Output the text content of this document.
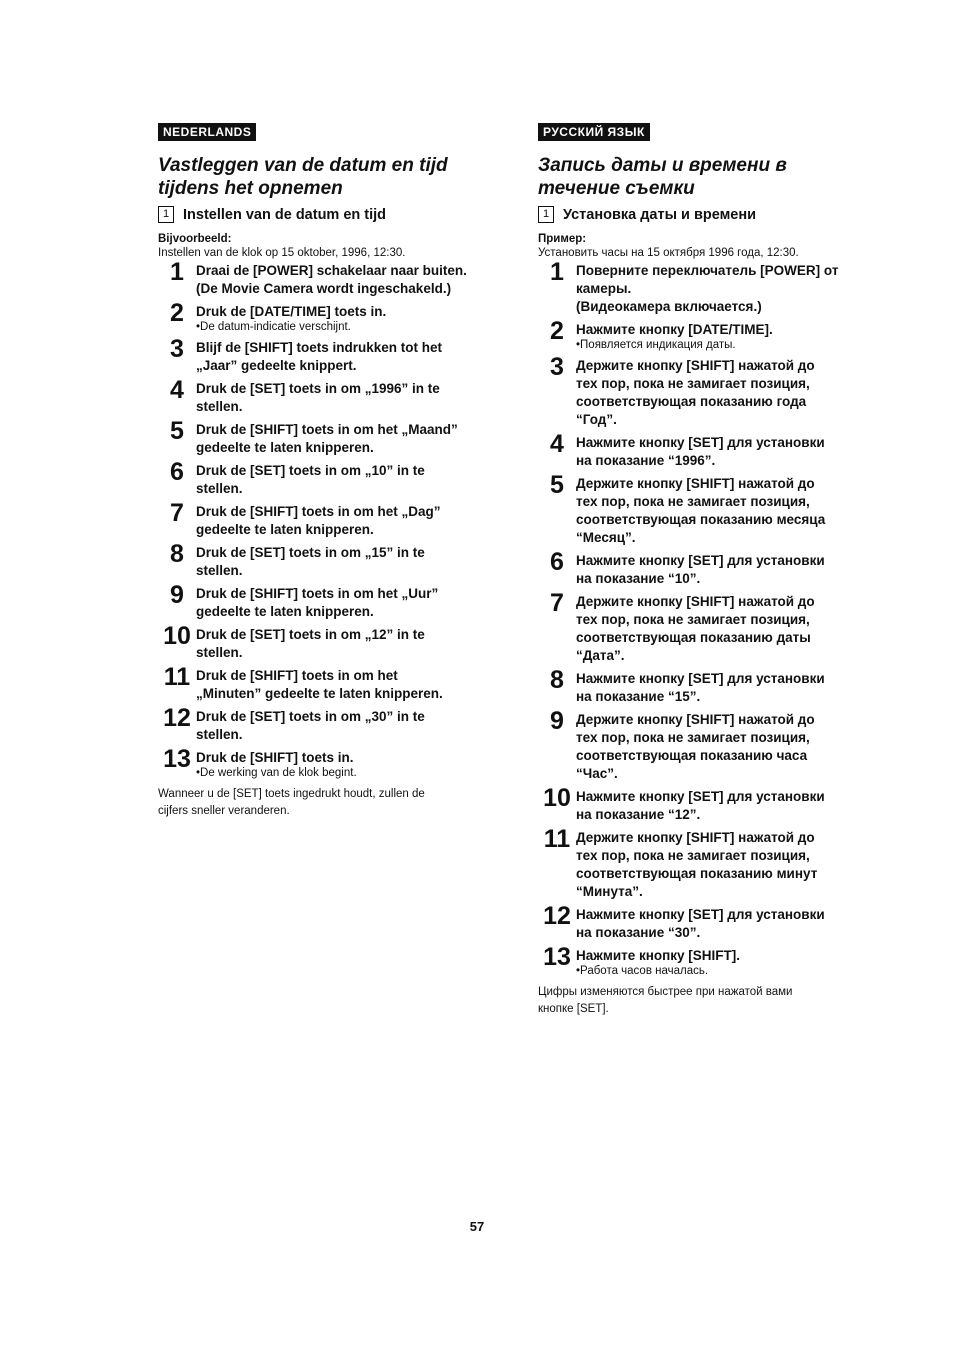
NEDERLANDS
Vastleggen van de datum en tijd tijdens het opnemen
1 Instellen van de datum en tijd
Bijvoorbeeld:
Instellen van de klok op 15 oktober, 1996, 12:30.
1 Draai de [POWER] schakelaar naar buiten.
(De Movie Camera wordt ingeschakeld.)
2 Druk de [DATE/TIME] toets in.
•De datum-indicatie verschijnt.
3 Blijf de [SHIFT] toets indrukken tot het
„Jaar” gedeelte knippert.
4 Druk de [SET] toets in om „1996” in te
stellen.
5 Druk de [SHIFT] toets in om het „Maand”
gedeelte te laten knipperen.
6 Druk de [SET] toets in om „10” in te
stellen.
7 Druk de [SHIFT] toets in om het „Dag”
gedeelte te laten knipperen.
8 Druk de [SET] toets in om „15” in te
stellen.
9 Druk de [SHIFT] toets in om het „Uur”
gedeelte te laten knipperen.
10 Druk de [SET] toets in om „12” in te
stellen.
11 Druk de [SHIFT] toets in om het
„Minuten” gedeelte te laten knipperen.
12 Druk de [SET] toets in om „30” in te
stellen.
13 Druk de [SHIFT] toets in.
•De werking van de klok begint.
Wanneer u de [SET] toets ingedrukt houdt, zullen de
cijfers sneller veranderen.
РУССКИЙ ЯЗЫК
Запись даты и времени в течение съемки
1 Установка даты и времени
Пример:
Установить часы на 15 октября 1996 года, 12:30.
1 Поверните переключатель [POWER] от
камеры.
(Видеокамера включается.)
2 Нажмите кнопку [DATE/TIME].
•Появляется индикация даты.
3 Держите кнопку [SHIFT] нажатой до
тех пор, пока не замигает позиция,
соответствующая показанию года
“Год”.
4 Нажмите кнопку [SET] для установки
на показание “1996”.
5 Держите кнопку [SHIFT] нажатой до
тех пор, пока не замигает позиция,
соответствующая показанию месяца
“Месяц”.
6 Нажмите кнопку [SET] для установки
на показание “10”.
7 Держите кнопку [SHIFT] нажатой до
тех пор, пока не замигает позиция,
соответствующая показанию даты
“Дата”.
8 Нажмите кнопку [SET] для установки
на показание “15”.
9 Держите кнопку [SHIFT] нажатой до
тех пор, пока не замигает позиция,
соответствующая показанию часа
“Час”.
10 Нажмите кнопку [SET] для установки
на показание “12”.
11 Держите кнопку [SHIFT] нажатой до
тех пор, пока не замигает позиция,
соответствующая показанию минут
“Минута”.
12 Нажмите кнопку [SET] для установки
на показание “30”.
13 Нажмите кнопку [SHIFT].
•Работа часов началась.
Цифры изменяются быстрее при нажатой вами
кнопке [SET].
57
